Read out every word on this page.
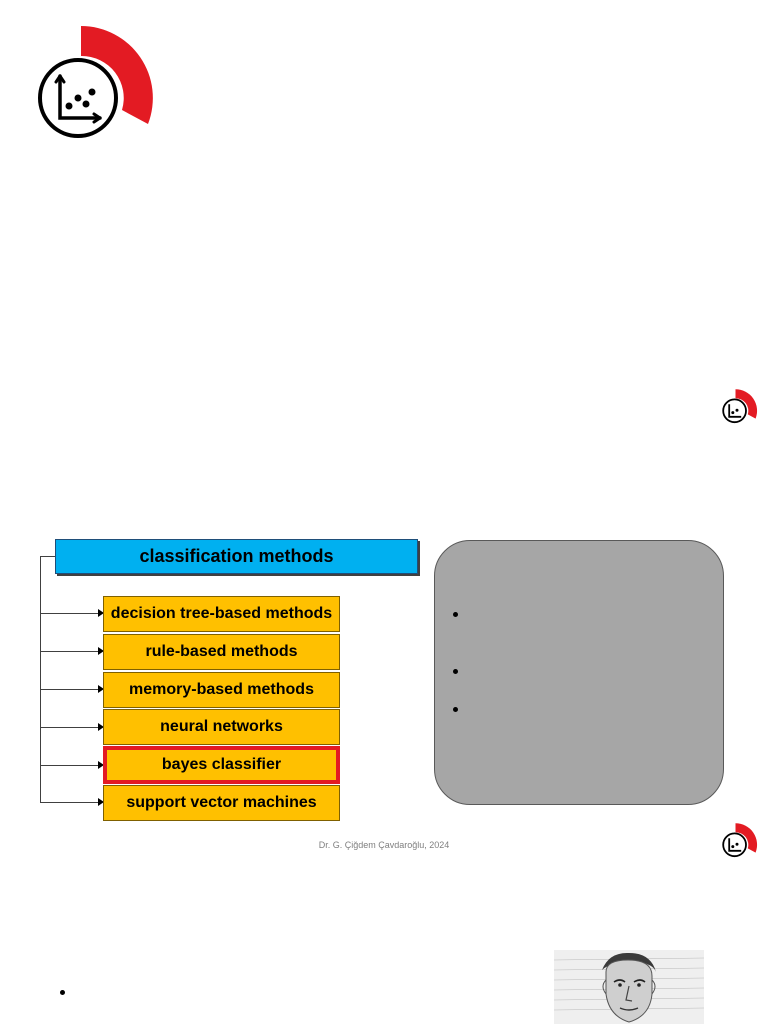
classification methods
decision tree-based methods
rule-based methods
memory-based methods
neural networks
bayes classifier
support vector machines
Dr. G. Çiğdem Çavdaroğlu, 2024
